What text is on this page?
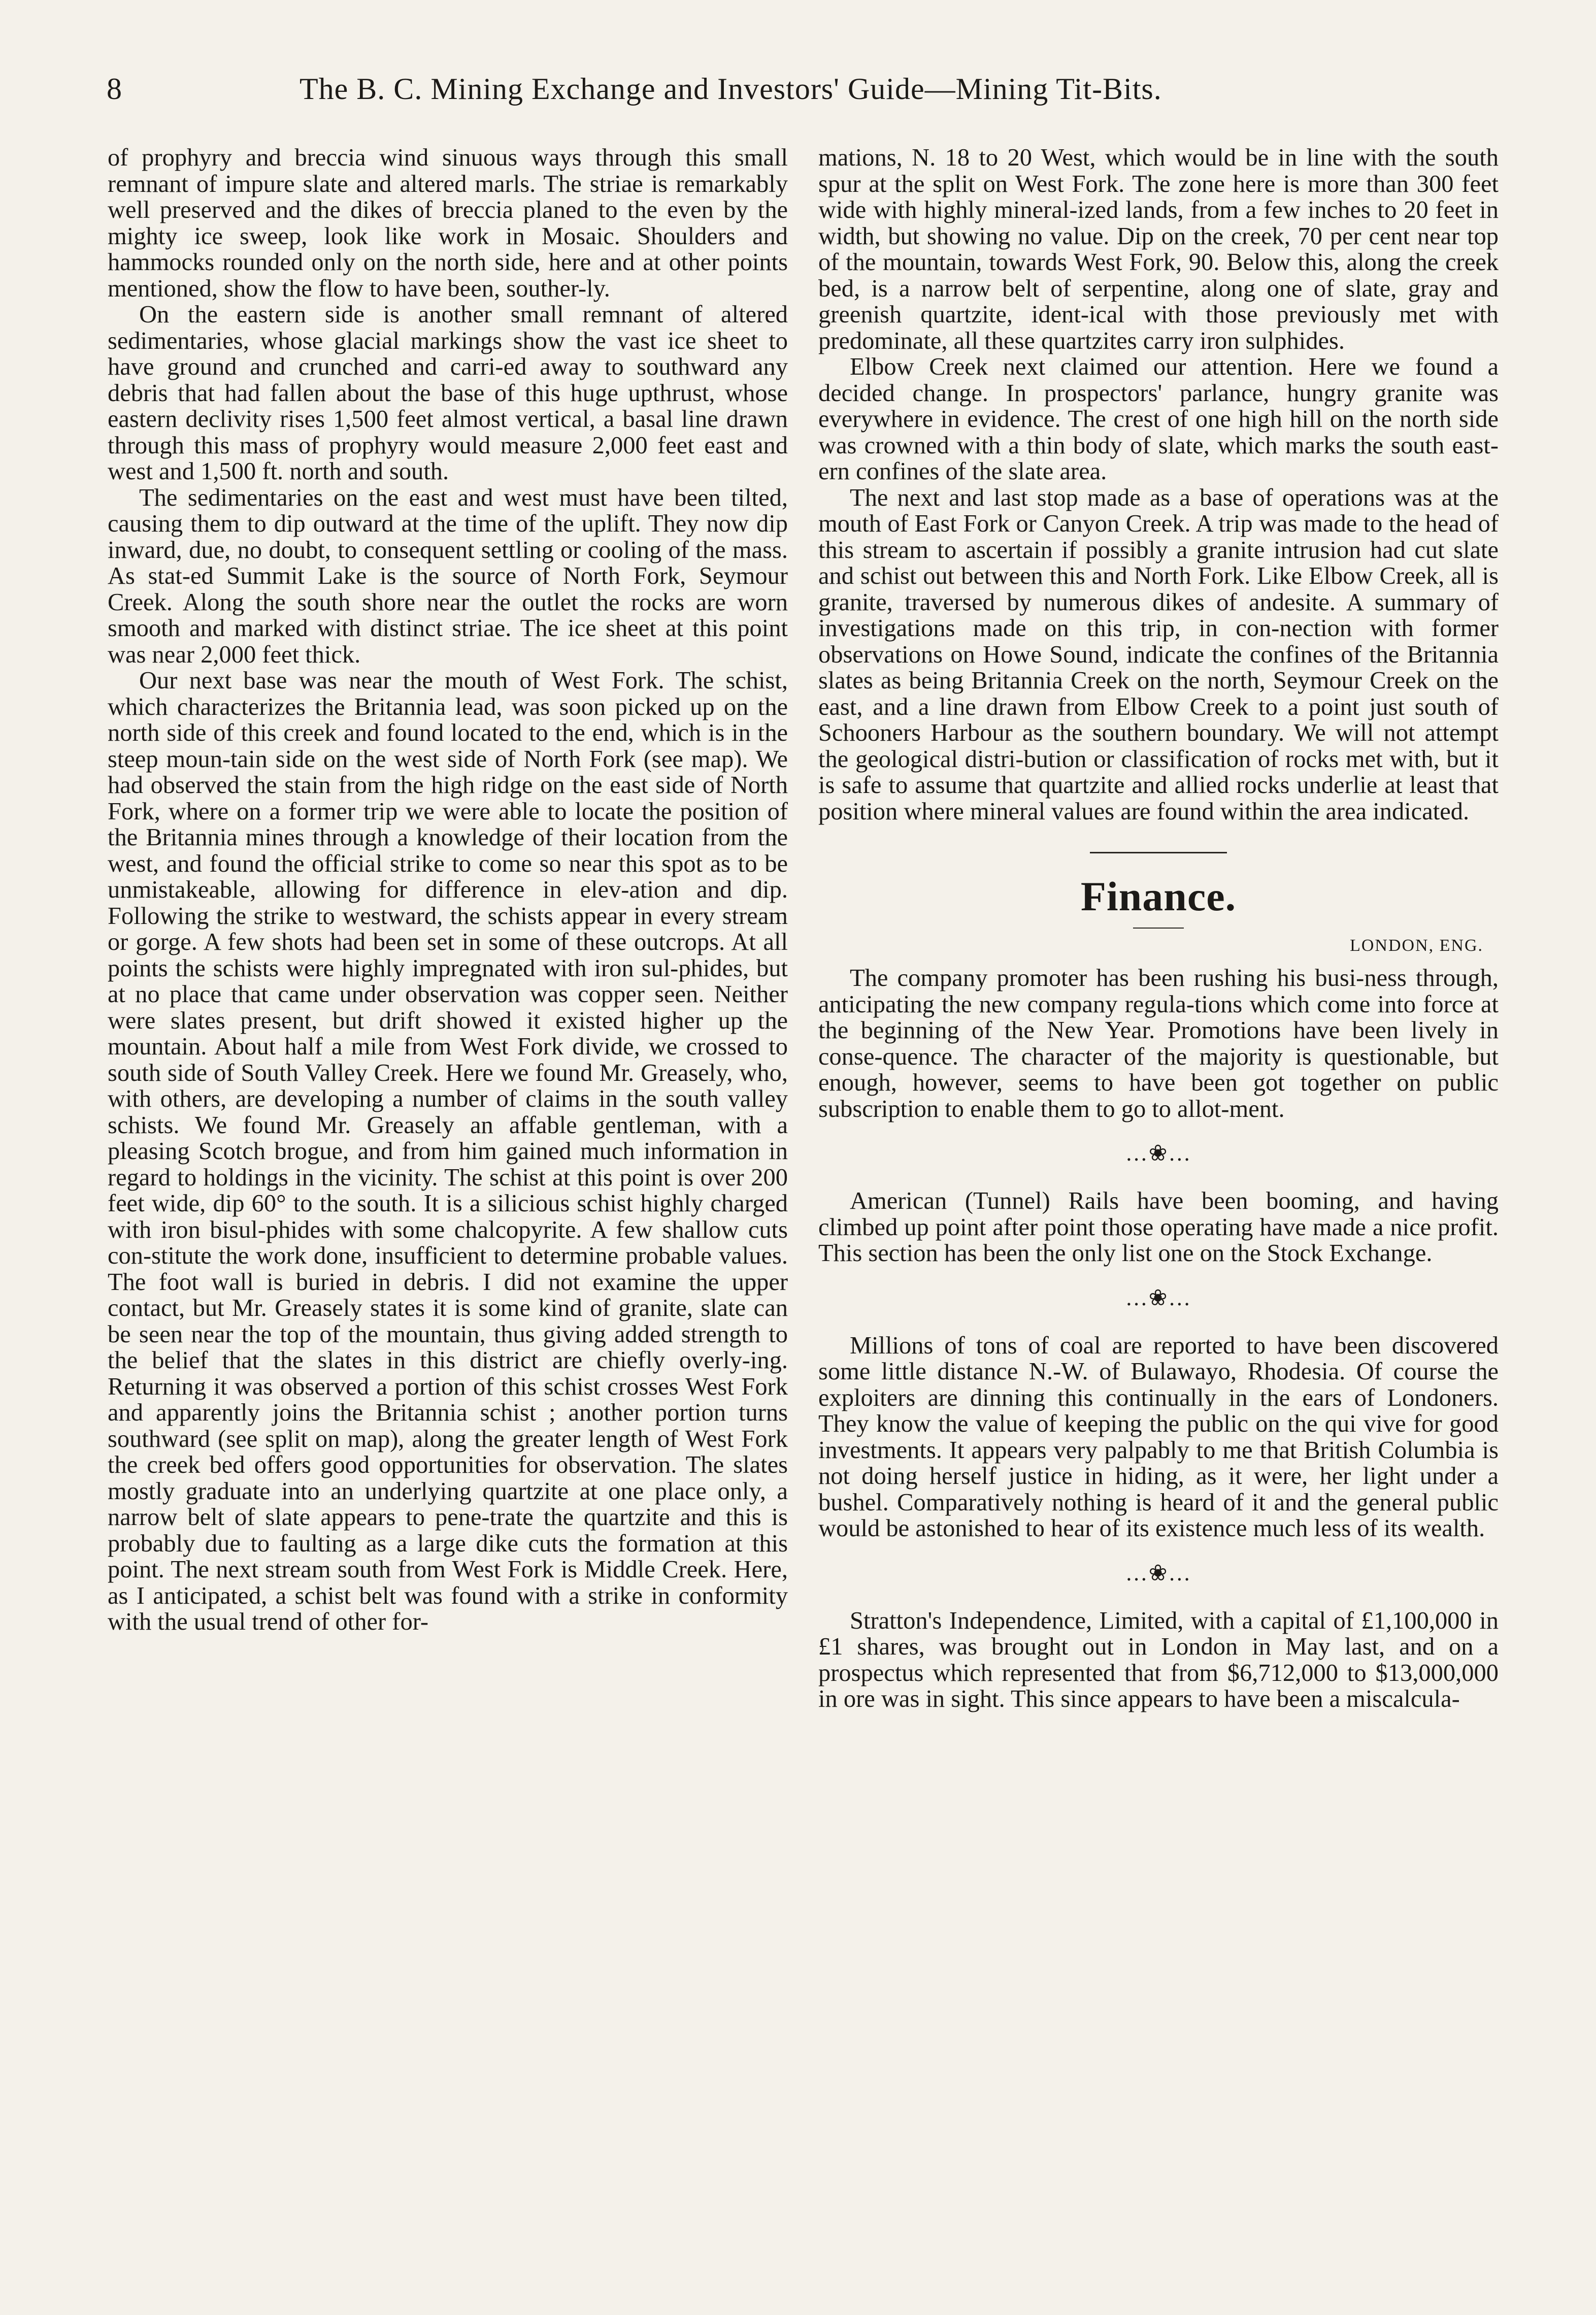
8	The B. C. Mining Exchange and Investors' Guide—Mining Tit-Bits.

of prophyry and breccia wind sinuous ways through this small remnant of impure slate and altered marls. The striae is remarkably well preserved and the dikes of breccia planed to the even by the mighty ice sweep, look like work in Mosaic. Shoulders and hammocks rounded only on the north side, here and at other points mentioned, show the flow to have been, souther-ly.

On the eastern side is another small remnant of altered sedimentaries, whose glacial markings show the vast ice sheet to have ground and crunched and carri-ed away to southward any debris that had fallen about the base of this huge upthrust, whose eastern declivity rises 1,500 feet almost vertical, a basal line drawn through this mass of prophyry would measure 2,000 feet east and west and 1,500 ft. north and south.

The sedimentaries on the east and west must have been tilted, causing them to dip outward at the time of the uplift. They now dip inward, due, no doubt, to consequent settling or cooling of the mass. As stat-ed Summit Lake is the source of North Fork, Seymour Creek. Along the south shore near the outlet the rocks are worn smooth and marked with distinct striae. The ice sheet at this point was near 2,000 feet thick.

Our next base was near the mouth of West Fork. The schist, which characterizes the Britannia lead, was soon picked up on the north side of this creek and found located to the end, which is in the steep moun-tain side on the west side of North Fork (see map). We had observed the stain from the high ridge on the east side of North Fork, where on a former trip we were able to locate the position of the Britannia mines through a knowledge of their location from the west, and found the official strike to come so near this spot as to be unmistakeable, allowing for difference in elev-ation and dip. Following the strike to westward, the schists appear in every stream or gorge. A few shots had been set in some of these outcrops. At all points the schists were highly impregnated with iron sul-phides, but at no place that came under observation was copper seen. Neither were slates present, but drift showed it existed higher up the mountain. About half a mile from West Fork divide, we crossed to south side of South Valley Creek. Here we found Mr. Greasely, who, with others, are developing a number of claims in the south valley schists. We found Mr. Greasely an affable gentleman, with a pleasing Scotch brogue, and from him gained much information in regard to holdings in the vicinity. The schist at this point is over 200 feet wide, dip 60° to the south. It is a silicious schist highly charged with iron bisul-phides with some chalcopyrite. A few shallow cuts con-stitute the work done, insufficient to determine probable values. The foot wall is buried in debris. I did not examine the upper contact, but Mr. Greasely states it is some kind of granite, slate can be seen near the top of the mountain, thus giving added strength to the belief that the slates in this district are chiefly overly-ing. Returning it was observed a portion of this schist crosses West Fork and apparently joins the Britannia schist ; another portion turns southward (see split on map), along the greater length of West Fork the creek bed offers good opportunities for observation. The slates mostly graduate into an underlying quartzite at one place only, a narrow belt of slate appears to pene-trate the quartzite and this is probably due to faulting as a large dike cuts the formation at this point. The next stream south from West Fork is Middle Creek. Here, as I anticipated, a schist belt was found with a strike in conformity with the usual trend of other for-

mations, N. 18 to 20 West, which would be in line with the south spur at the split on West Fork. The zone here is more than 300 feet wide with highly mineral-ized lands, from a few inches to 20 feet in width, but showing no value. Dip on the creek, 70 per cent near top of the mountain, towards West Fork, 90. Below this, along the creek bed, is a narrow belt of serpentine, along one of slate, gray and greenish quartzite, ident-ical with those previously met with predominate, all these quartzites carry iron sulphides.

Elbow Creek next claimed our attention. Here we found a decided change. In prospectors' parlance, hungry granite was everywhere in evidence. The crest of one high hill on the north side was crowned with a thin body of slate, which marks the south east-ern confines of the slate area.

The next and last stop made as a base of operations was at the mouth of East Fork or Canyon Creek. A trip was made to the head of this stream to ascertain if possibly a granite intrusion had cut slate and schist out between this and North Fork. Like Elbow Creek, all is granite, traversed by numerous dikes of andesite. A summary of investigations made on this trip, in con-nection with former observations on Howe Sound, indicate the confines of the Britannia slates as being Britannia Creek on the north, Seymour Creek on the east, and a line drawn from Elbow Creek to a point just south of Schooners Harbour as the southern boundary. We will not attempt the geological distri-bution or classification of rocks met with, but it is safe to assume that quartzite and allied rocks underlie at least that position where mineral values are found within the area indicated.

Finance.
LONDON, ENG.

The company promoter has been rushing his busi-ness through, anticipating the new company regula-tions which come into force at the beginning of the New Year. Promotions have been lively in conse-quence. The character of the majority is questionable, but enough, however, seems to have been got together on public subscription to enable them to go to allot-ment.

…❀…

American (Tunnel) Rails have been booming, and having climbed up point after point those operating have made a nice profit. This section has been the only list one on the Stock Exchange.

…❀…

Millions of tons of coal are reported to have been discovered some little distance N.-W. of Bulawayo, Rhodesia. Of course the exploiters are dinning this continually in the ears of Londoners. They know the value of keeping the public on the qui vive for good investments. It appears very palpably to me that British Columbia is not doing herself justice in hiding, as it were, her light under a bushel. Comparatively nothing is heard of it and the general public would be astonished to hear of its existence much less of its wealth.

…❀…

Stratton's Independence, Limited, with a capital of £1,100,000 in £1 shares, was brought out in London in May last, and on a prospectus which represented that from $6,712,000 to $13,000,000 in ore was in sight. This since appears to have been a miscalcula-
